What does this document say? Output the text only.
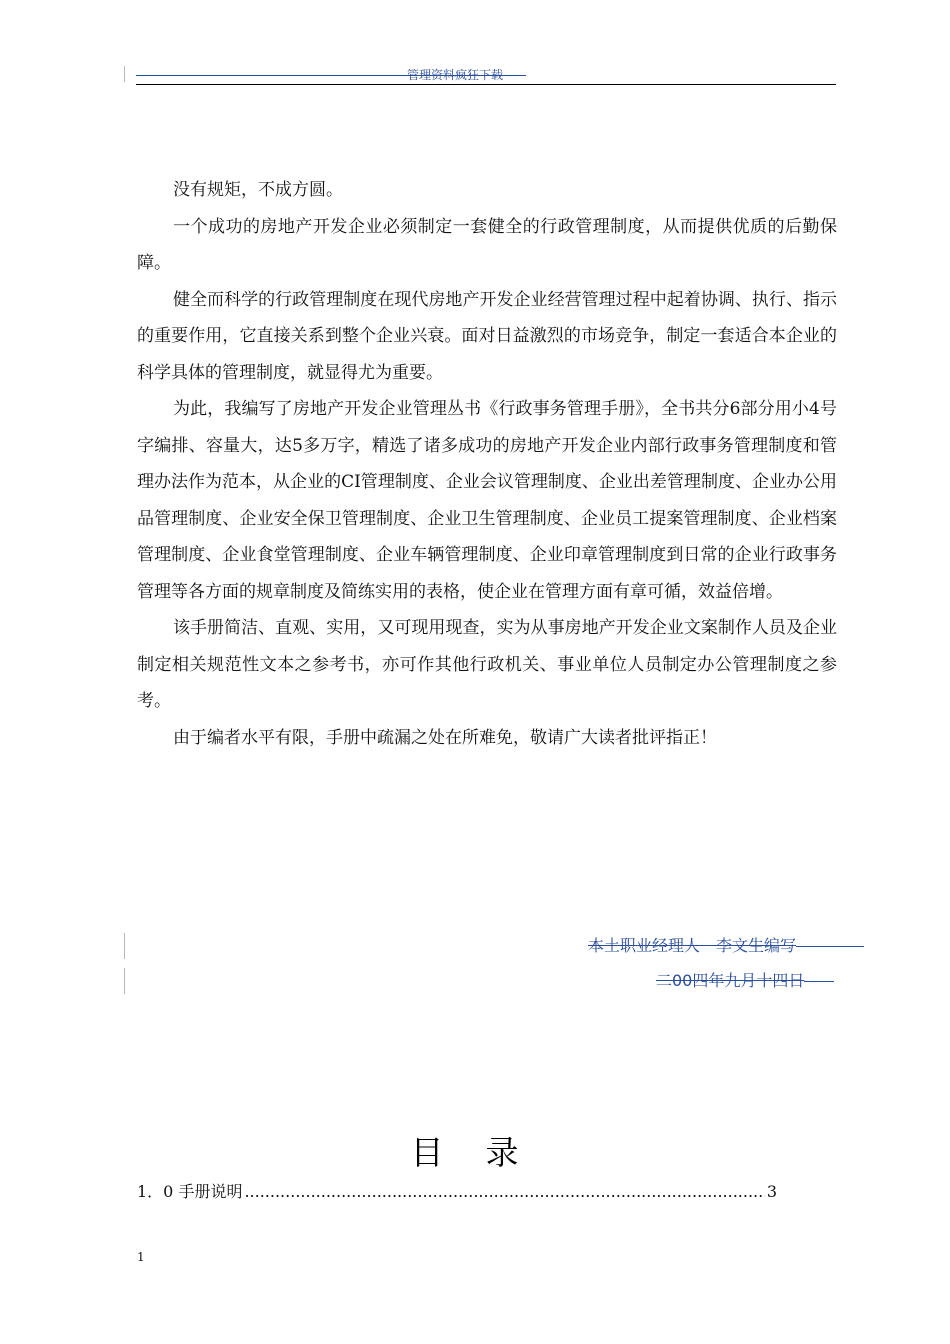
管理资料疯狂下载

没有规矩，不成方圆。

一个成功的房地产开发企业必须制定一套健全的行政管理制度，从而提供优质的后勤保障。

健全而科学的行政管理制度在现代房地产开发企业经营管理过程中起着协调、执行、指示的重要作用，它直接关系到整个企业兴衰。面对日益激烈的市场竞争，制定一套适合本企业的科学具体的管理制度，就显得尤为重要。

为此，我编写了房地产开发企业管理丛书《行政事务管理手册》，全书共分6部分用小4号字编排、容量大，达5多万字，精选了诸多成功的房地产开发企业内部行政事务管理制度和管理办法作为范本，从企业的CI管理制度、企业会议管理制度、企业出差管理制度、企业办公用品管理制度、企业安全保卫管理制度、企业卫生管理制度、企业员工提案管理制度、企业档案管理制度、企业食堂管理制度、企业车辆管理制度、企业印章管理制度到日常的企业行政事务管理等各方面的规章制度及简练实用的表格，使企业在管理方面有章可循，效益倍增。

该手册简洁、直观、实用，又可现用现查，实为从事房地产开发企业文案制作人员及企业制定相关规范性文本之参考书，亦可作其他行政机关、事业单位人员制定办公管理制度之参考。

由于编者水平有限，手册中疏漏之处在所难免，敬请广大读者批评指正！

本土职业经理人　李文生编写
二00四年九月十四日
目录
1．0 手册说明
.....	3
1
